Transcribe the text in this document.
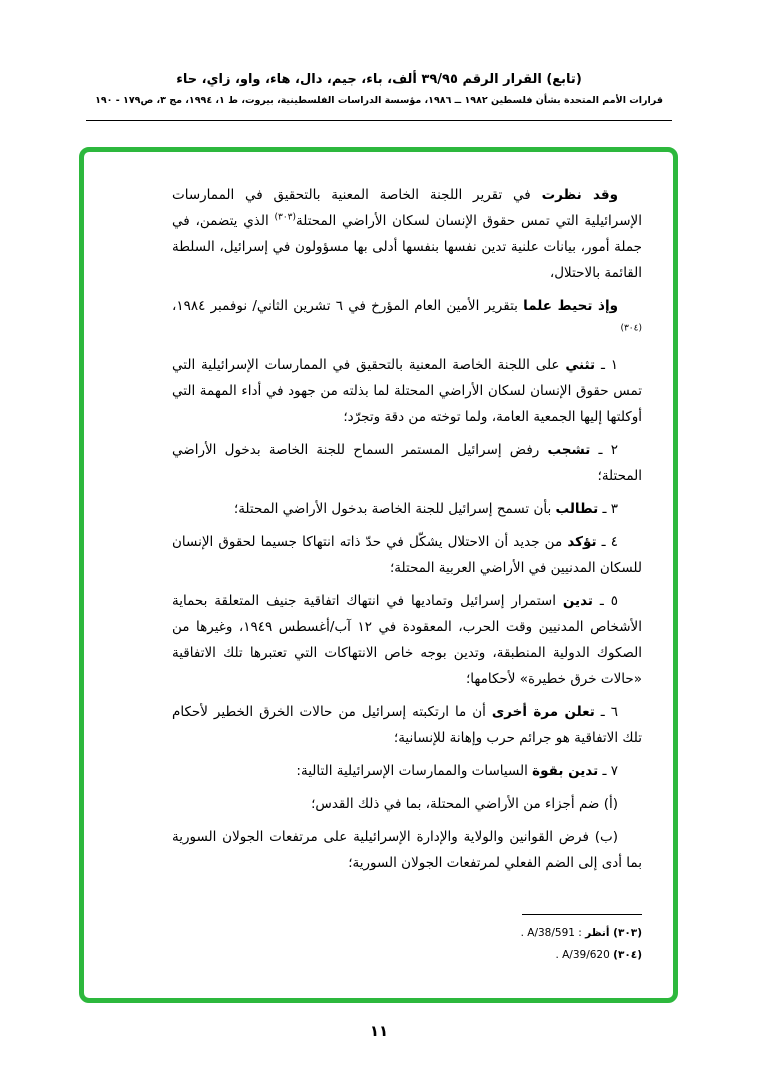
(تابع) القرار الرقم ٣٩/٩٥ ألف، باء، جيم، دال، هاء، واو، زاي، حاء

قرارات الأمم المتحدة بشأن فلسطين ١٩٨٢ ــ ١٩٨٦، مؤسسة الدراسات الفلسطينية، بيروت، ط ١، ١٩٩٤، مج ٣، ص١٧٩ - ١٩٠

وقد نظرت في تقرير اللجنة الخاصة المعنية بالتحقيق في الممارسات الإسرائيلية التي تمس حقوق الإنسان لسكان الأراضي المحتلة$^{(٣٠٣)}$ الذي يتضمن، في جملة أمور، بيانات علنية تدين نفسها بنفسها أدلى بها مسؤولون في إسرائيل، السلطة القائمة بالاحتلال،

وإذ تحيط علما بتقرير الأمين العام المؤرخ في ٦ تشرين الثاني/ نوفمبر ١٩٨٤،$^{(٣٠٤)}$

١ ـ تثني على اللجنة الخاصة المعنية بالتحقيق في الممارسات الإسرائيلية التي تمس حقوق الإنسان لسكان الأراضي المحتلة لما بذلته من جهود في أداء المهمة التي أوكلتها إليها الجمعية العامة، ولما توخته من دقة وتجرّد؛

٢ ـ تشجب رفض إسرائيل المستمر السماح للجنة الخاصة بدخول الأراضي المحتلة؛

٣ ـ تطالب بأن تسمح إسرائيل للجنة الخاصة بدخول الأراضي المحتلة؛

٤ ـ تؤكد من جديد أن الاحتلال يشكّل في حدّ ذاته انتهاكا جسيما لحقوق الإنسان للسكان المدنيين في الأراضي العربية المحتلة؛

٥ ـ تدين استمرار إسرائيل وتماديها في انتهاك اتفاقية جنيف المتعلقة بحماية الأشخاص المدنيين وقت الحرب، المعقودة في ١٢ آب/أغسطس ١٩٤٩، وغيرها من الصكوك الدولية المنطبقة، وتدين بوجه خاص الانتهاكات التي تعتبرها تلك الاتفاقية «حالات خرق خطيرة» لأحكامها؛

٦ ـ تعلن مرة أخرى أن ما ارتكبته إسرائيل من حالات الخرق الخطير لأحكام تلك الاتفاقية هو جرائم حرب وإهانة للإنسانية؛

٧ ـ تدين بقوة السياسات والممارسات الإسرائيلية التالية:

(أ) ضم أجزاء من الأراضي المحتلة، بما في ذلك القدس؛

(ب) فرض القوانين والولاية والإدارة الإسرائيلية على مرتفعات الجولان السورية بما أدى إلى الضم الفعلي لمرتفعات الجولان السورية؛

(٣٠٣) أنظر : A/38/591 .

(٣٠٤) A/39/620 .

١١
